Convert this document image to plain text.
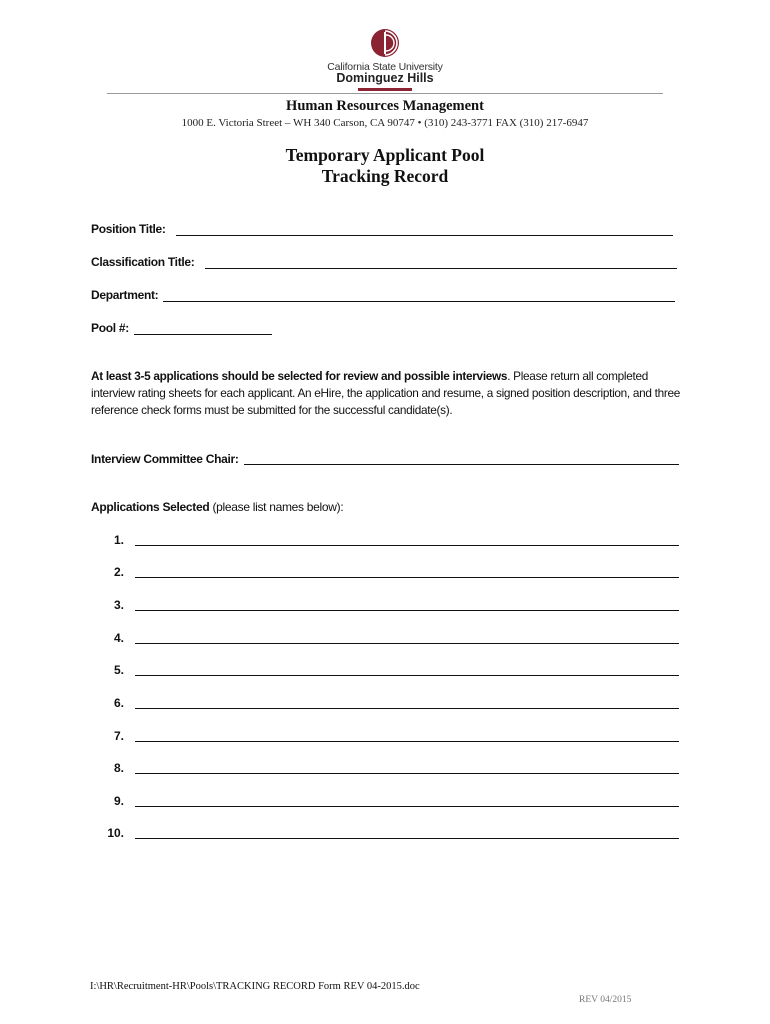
California State University
Dominguez Hills
Human Resources Management
1000 E. Victoria Street – WH 340 Carson, CA 90747 • (310) 243-3771 FAX (310) 217-6947
Temporary Applicant Pool
Tracking Record
Position Title:
Classification Title:
Department:
Pool #:
At least 3-5 applications should be selected for review and possible interviews. Please return all completed interview rating sheets for each applicant. An eHire, the application and resume, a signed position description, and three reference check forms must be submitted for the successful candidate(s).
Interview Committee Chair:
Applications Selected (please list names below):
1.
2.
3.
4.
5.
6.
7.
8.
9.
10.
I:\HR\Recruitment-HR\Pools\TRACKING RECORD Form REV 04-2015.doc
REV 04/2015
